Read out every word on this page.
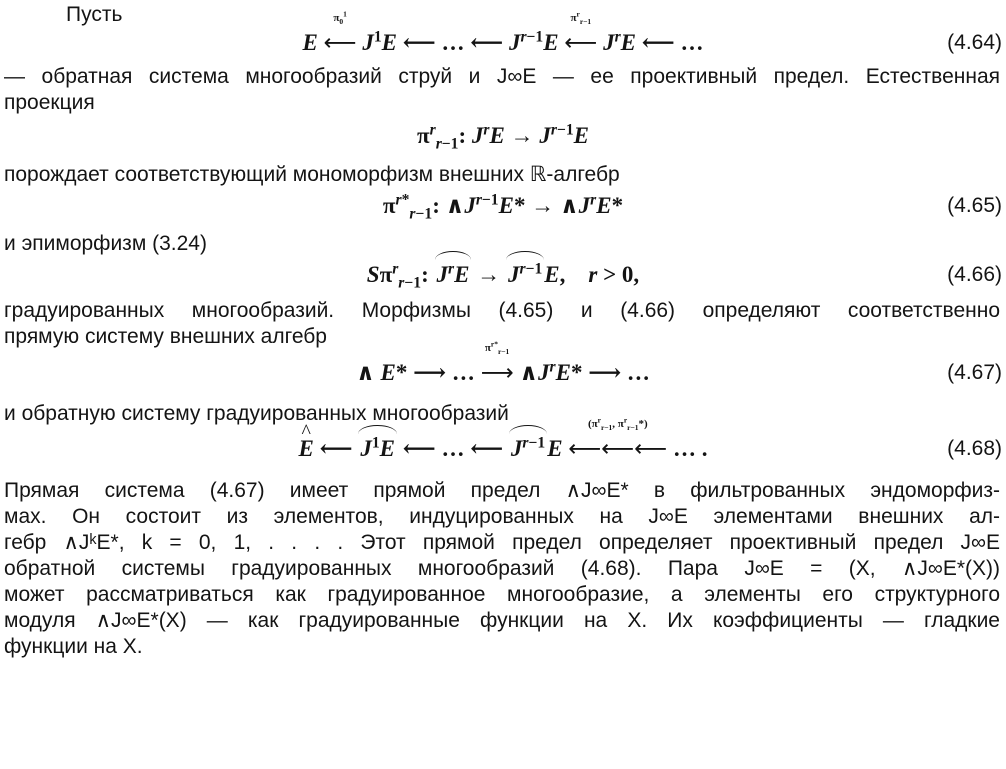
Пусть

E
$\pi_0^1$
⟵ $J^1E$ ⟵ … ⟵ $J^{r-1}E$
$\pi^r_{r-1}$
⟵ $J^rE$ ⟵ …	(4.64)

— обратная система многообразий струй и J∞E — ее проективный предел. Естественная

проекция

$\pi^r_{r-1}$: $J^rE \to J^{r-1}E$

порождает соответствующий мономорфизм внешних ℝ-алгебр

$\pi^{r*}_{r-1}$: $\wedge J^{r-1}E*$ → $\wedge J^rE*$	(4.65)

и эпиморфизм (3.24)

$S\pi^r_{r-1}$: $J^rE \to J^{r-1}E$,    r > 0,	(4.66)

градуированных многообразий. Морфизмы (4.65) и (4.66) определяют соответственно

прямую систему внешних алгебр

∧ E* ⟶ …
$\pi^{r*}_{r-1}$
⟶ $\wedge J^rE*$ ⟶ …	(4.67)

и обратную систему градуированных многообразий

^ E ⟵ $J^1E$ ⟵ … ⟵ $J^{r-1}E$
($\pi^r_{r-1}$, $\pi^r_{r-1}*$)
⟵⟵⟵ … .	(4.68)

Прямая система (4.67) имеет прямой предел ∧J∞E* в фильтрованных эндоморфиз-

мах. Он состоит из элементов, индуцированных на J∞E элементами внешних ал-

гебр ∧JᵏE*, k = 0, 1, . . . . Этот прямой предел определяет проективный предел J∞E

обратной системы градуированных многообразий (4.68). Пара J∞E = (X, ∧J∞E*(X))

может рассматриваться как градуированное многообразие, а элементы его структурного

модуля ∧J∞E*(X) — как градуированные функции на X. Их коэффициенты — гладкие

функции на X.
